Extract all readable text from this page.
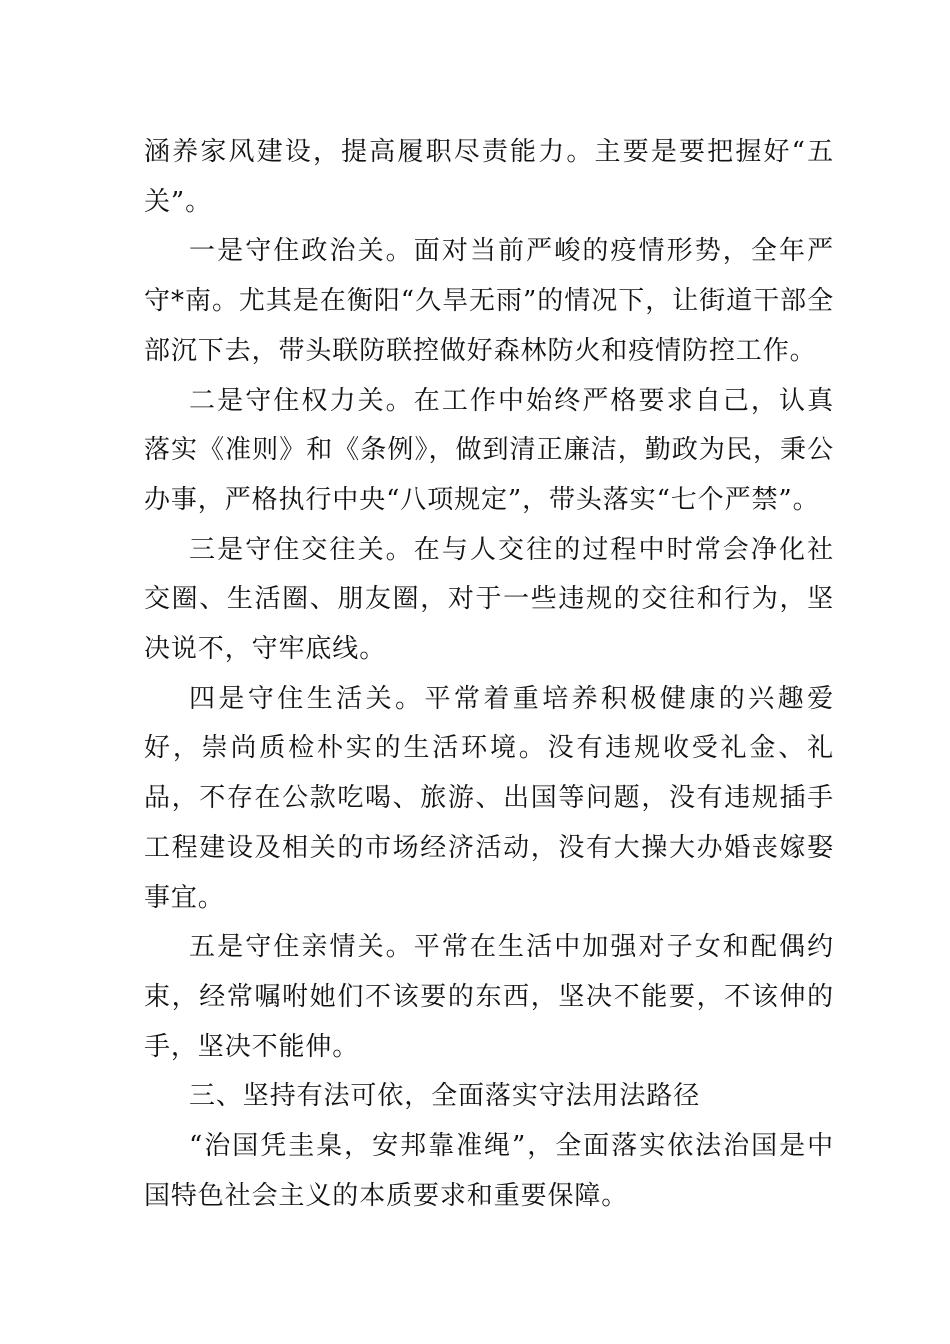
涵养家风建设，提高履职尽责能力。主要是要把握好“五关”。

一是守住政治关。面对当前严峻的疫情形势，全年严守*南。尤其是在衡阳“久旱无雨”的情况下，让街道干部全部沉下去，带头联防联控做好森林防火和疫情防控工作。

二是守住权力关。在工作中始终严格要求自己，认真落实《准则》和《条例》，做到清正廉洁，勤政为民，秉公办事，严格执行中央“八项规定”，带头落实“七个严禁”。

三是守住交往关。在与人交往的过程中时常会净化社交圈、生活圈、朋友圈，对于一些违规的交往和行为，坚决说不，守牢底线。

四是守住生活关。平常着重培养积极健康的兴趣爱好，崇尚质检朴实的生活环境。没有违规收受礼金、礼品，不存在公款吃喝、旅游、出国等问题，没有违规插手工程建设及相关的市场经济活动，没有大操大办婚丧嫁娶事宜。

五是守住亲情关。平常在生活中加强对子女和配偶约束，经常嘱咐她们不该要的东西，坚决不能要，不该伸的手，坚决不能伸。

三、坚持有法可依，全面落实守法用法路径

“治国凭圭臬，安邦靠准绳”，全面落实依法治国是中国特色社会主义的本质要求和重要保障。
